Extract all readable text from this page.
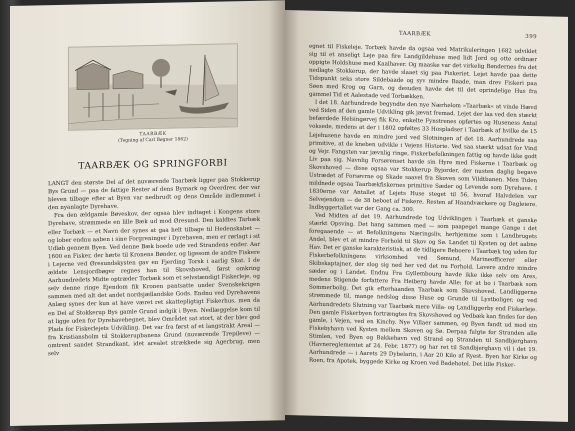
TAARBÆK
(Tegning af Carl Bøgner 1862)
TAARBÆK OG SPRINGFORBI

LANGT den største Del af det nuværende Taarbæk ligger paa Stokkerup Bys Grund — paa de fattige Rester af dens Bymark og Overdrev, der var bleven tilbage efter at Byen var nedbrudt og dens Område indlemmet i den nyanlagte Dyrehave.

Fra den ældgamle Bøveskov, der ogsaa blev indtaget i Kongens store Dyrehave, strømmede en lille Bæk ud mod Øresund. Den kaldtes Tarbæk eller Torbæk — et Navn der synes at gaa helt tilbage til Hedenskabet — og lober endnu aaben i sine Forgreninger i Dyrehaven, men er rørlagt i sit Udløb gennem Byen. Ved denne Bæk boede ude ved Strandens ender. Aar 1600 en Fisker, der hørte til Kronens Bønder, og ligesom de andre Fiskere i Lejerne ved Øresundskysten gav en Fjerding Torsk i aarlig Skat. I de ældste Lensjordbøger regnes han til Skovshoved, først omkring Aarhundredets Midte optræder Torbæk som et selvstændigt Fiskerleje, og selv denne ringe Ejendom fik Kronen pantsatte under Svenskekrigen sammen med alt det andet nordsjællandske Gods. Endnu ved Dyrehavens Anlæg synes der kun at have været ret skattepligtigt Fiskerhus, men da en Del af Stokkerup Bys gamle Grund indgik i Byen. Nedlæggelse kom til at ligge uden for Dyrehavehegnet, blev Området sat stort, at der blev god Plads for Fiskerlejets Udvikling. Det var fra først af et langstrakt Areal — fra Kristiansholm til Stokkerupbanens Grund (nuværende Trepileve) — omtrent sandet Strandkant, idet arealet strækkede sig Agerbrug, men selv

TAARBÆK	399

egnet til Fiskeleje. Torbæk havde da ogsaa ved Matrikuleringen 1682 udviklet sig til et anseligt Leje paa fire Landgildehuse med lidt Jord og otte ordinær oppigte Holdshuse med Kaalhaver. Og maaske var det virkelig Bøndernes fra det nedlagte Stokkerup, der havde slaaet sig paa Fiskeriet. Lejet havde paa dette Tidspunkt seks store Sildebaade og syv mindre Baade, man drev Fiskeri paa Søen med Krog og Garn, og desuden havde det til det oprindelige Hus fra gammel Tid et Aalestade ved Torbækken.

I det 18. Aarhundrede begyndte den nye Nærhelom »Taarbæk« at vinde Hævd ved Siden af den gamle Udvikling gik jævnt fremad. Lejet der laa ved den stærkt befærdede Helsingørvej fik Kro, enkelte Fynstrenes opførtes og Huseness Antal voksede, medens at der i 1802 opføltes 33 Hospladser i Taarbæk af hvilke de 15 Lejehusene havde en mindre jord ved Slotningen af det 18. Aarhundrede saa primitive, at de kneben udvikle i Vejens Historie. Ved saa stærkt udsat for Vind og Vejr. Fangsten var jævnlig ringe, Fiskerbefolkningen fattig og havde ikke godt Liv paa sig. Navnlig Forsørenset havde sin Hyre med Fiskerne i Taarbæk og Skovshoved — disse ogsaa var Stokkerup Byjorder, der nusten daglig begave Ustrædet af Forsøvrne og Skade saavel fra Skoven som Vildtbanen. Men Tiden mildnede ogsaa Taarbækfiskernes primitive Sæder og Levende som Dyrehave. I 1830erne var Antallet af Lejets Huse steget til 56, hvoraf Halvdelen var Selvejendom — de 38 beboet af Fiskere, Resten af Haandværkere og Dagleiere. Indbyggertallet var der Gang ca. 300.

Ved Midten af det 19. Aarhundrede tog Udviklingen i Taarbæk et ganske stærkt Opsving. Det hang sammen med — som paapeget mange Gange i det foregaaende — at Befolkningens Næringsliv, herhjemme som i Landbrugets Andel, blev et at mindre Forhold til Skov og Sø. Landet til Kysten og det aabne Hav. Det er ganske karakteristisk, at de tidligere Beboere i Taarbæk tog uden for Fiskerbefolkningens virksomhed ved Sømund. Marineofficerer eller Skibskaptajner, der slog sig ned her ved det nu Forhold. Lavere andre mindre sæder og i Landet. Endnu Fra Gyllembourg havde ikke ikke selv om Ares, medens Stigende forfattere Fra Heiberg havde Alle; for at bo i Taarbæk som Sommerbolig. Det gik efterhaanden Taarbæk som Skovshoved. Landliggerne strømmede til, mange nedslog disse Huse og Grunde til Lystboliger, og ved Aarhundredets Slutning var Taarbæk mere Villa- og Landliggerby end Fiskerleje. Den gamle Fiskerbyen fortrængtes fra Skovshoved og Vedbæk kan findes for den gamle, i Vejen, ved en Kinchy. Nye Villaer sammen, og Byen fandt ud mod sin Fiskebyhavn ved Kysten mellem Skoven og Sø. Derpaa fulgte for Stranden alle Stimlen, ved Byen og Bakkehavn ved Strand og Stranden til Sandbjerghavn (Havnereglementet af 24. Febr. 1877) og har ret til Sandbjerghavn vil i det 19. Aarhundrede — i Aarets 29 Dybelarin, i Aar 20 Kilo af Ryest. Byen har Kirke og Roen, fra Apotek, byggede Kirke og Kroen ved Badehotel. Det lille Fisker-
